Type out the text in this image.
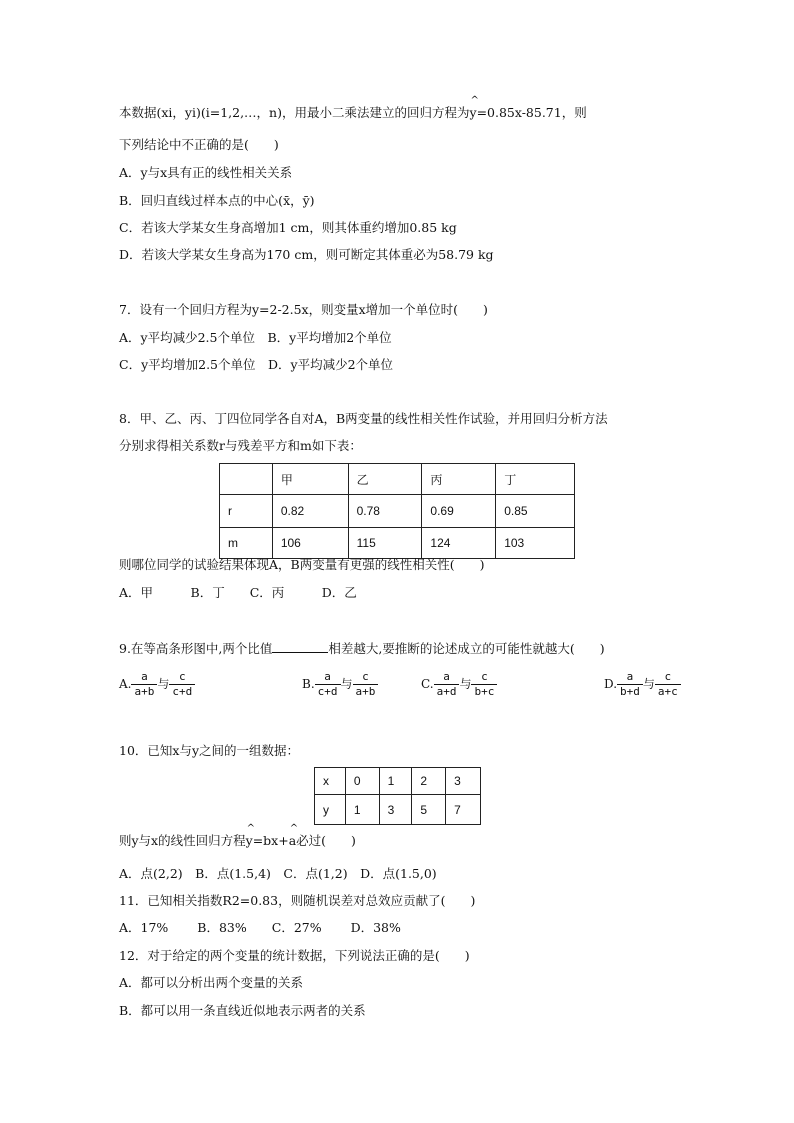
本数据(xi，yi)(i=1,2,…，n)，用最小二乘法建立的回归方程为^ y=0.85x-85.71，则
下列结论中不正确的是(　　)
A．y与x具有正的线性相关关系
B．回归直线过样本点的中心(x̄，ȳ)
C．若该大学某女生身高增加1 cm，则其体重约增加0.85 kg
D．若该大学某女生身高为170 cm，则可断定其体重必为58.79 kg
7．设有一个回归方程为y=2-2.5x，则变量x增加一个单位时(　　)
A．y平均减少2.5个单位　B．y平均增加2个单位
C．y平均增加2.5个单位　D．y平均减少2个单位
8．甲、乙、丙、丁四位同学各自对A，B两变量的线性相关性作试验，并用回归分析方法
分别求得相关系数r与残差平方和m如下表：
	甲	乙	丙	丁
r	0.82	0.78	0.69	0.85
m	106	115	124	103
则哪位同学的试验结果体现A，B两变量有更强的线性相关性(　　)
A．甲　　　B．丁　　C．丙　　　D．乙
9.在等高条形图中,两个比值	相差越大,要推断的论述成立的可能性就越大(　　)
A. $\frac{a}{a+b}$ 与 $\frac{c}{c+d}$	B. $\frac{a}{c+d}$ 与 $\frac{c}{a+b}$	C. $\frac{a}{a+d}$ 与 $\frac{c}{b+c}$	D. $\frac{a}{b+d}$ 与 $\frac{c}{a+c}$
10．已知x与y之间的一组数据：
x	0	1	2	3
y	1	3	5	7
则y与x的线性回归方程^ y=bx+^ a必过(　　)
A．点(2,2)　B．点(1.5,4)　C．点(1,2)　D．点(1.5,0)
11．已知相关指数R2=0.83，则随机误差对总效应贡献了(　　)
A．17%　　 B．83%　　C．27%　　 D．38%
12．对于给定的两个变量的统计数据，下列说法正确的是(　　)
A．都可以分析出两个变量的关系
B．都可以用一条直线近似地表示两者的关系
